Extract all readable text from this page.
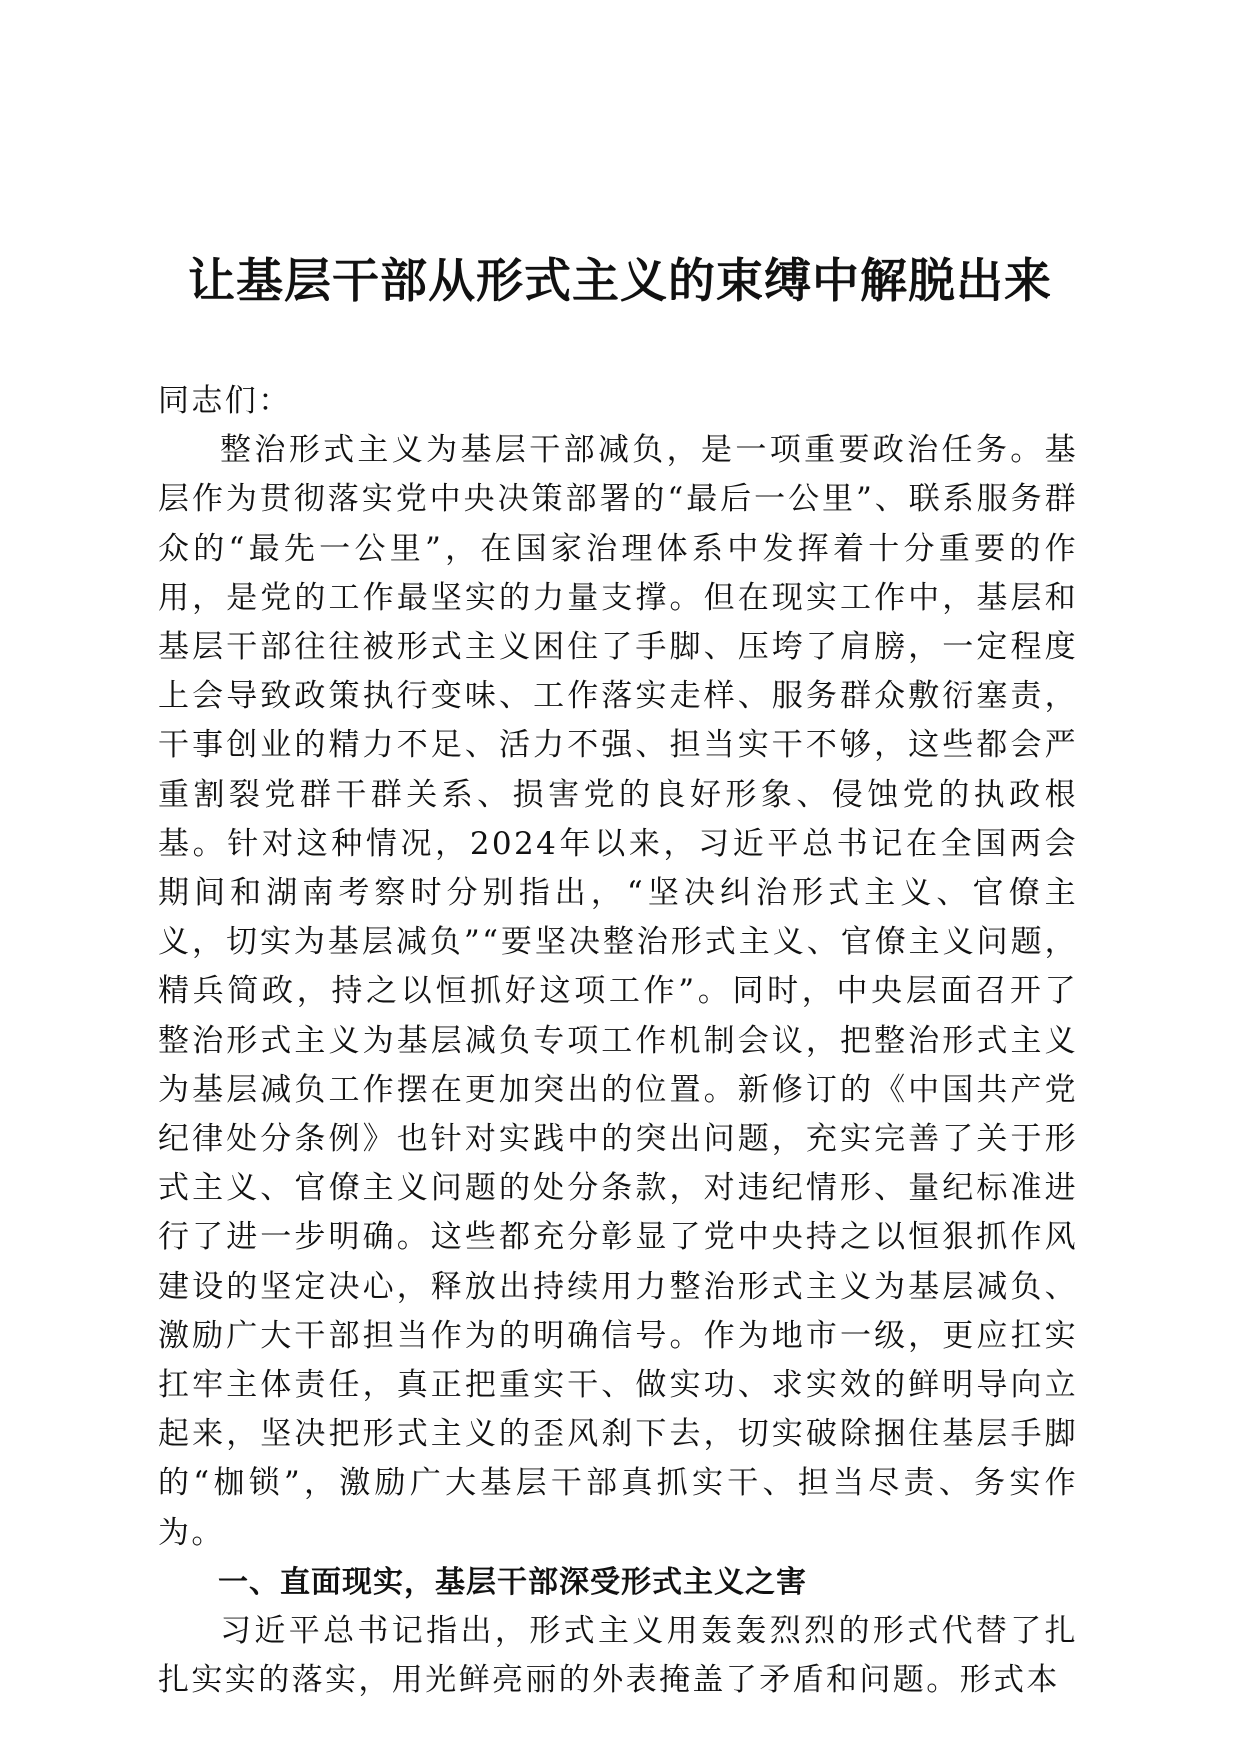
让基层干部从形式主义的束缚中解脱出来

同志们：

整治形式主义为基层干部减负，是一项重要政治任务。基层作为贯彻落实党中央决策部署的“最后一公里”、联系服务群众的“最先一公里”，在国家治理体系中发挥着十分重要的作用，是党的工作最坚实的力量支撑。但在现实工作中，基层和基层干部往往被形式主义困住了手脚、压垮了肩膀，一定程度上会导致政策执行变味、工作落实走样、服务群众敷衍塞责，干事创业的精力不足、活力不强、担当实干不够，这些都会严重割裂党群干群关系、损害党的良好形象、侵蚀党的执政根基。针对这种情况，2024年以来，习近平总书记在全国两会期间和湖南考察时分别指出，“坚决纠治形式主义、官僚主义，切实为基层减负”“要坚决整治形式主义、官僚主义问题，精兵简政，持之以恒抓好这项工作”。同时，中央层面召开了整治形式主义为基层减负专项工作机制会议，把整治形式主义为基层减负工作摆在更加突出的位置。新修订的《中国共产党纪律处分条例》也针对实践中的突出问题，充实完善了关于形式主义、官僚主义问题的处分条款，对违纪情形、量纪标准进行了进一步明确。这些都充分彰显了党中央持之以恒狠抓作风建设的坚定决心，释放出持续用力整治形式主义为基层减负、激励广大干部担当作为的明确信号。作为地市一级，更应扛实扛牢主体责任，真正把重实干、做实功、求实效的鲜明导向立起来，坚决把形式主义的歪风刹下去，切实破除捆住基层手脚的“枷锁”，激励广大基层干部真抓实干、担当尽责、务实作为。

一、直面现实，基层干部深受形式主义之害

习近平总书记指出，形式主义用轰轰烈烈的形式代替了扎扎实实的落实，用光鲜亮丽的外表掩盖了矛盾和问题。形式本
